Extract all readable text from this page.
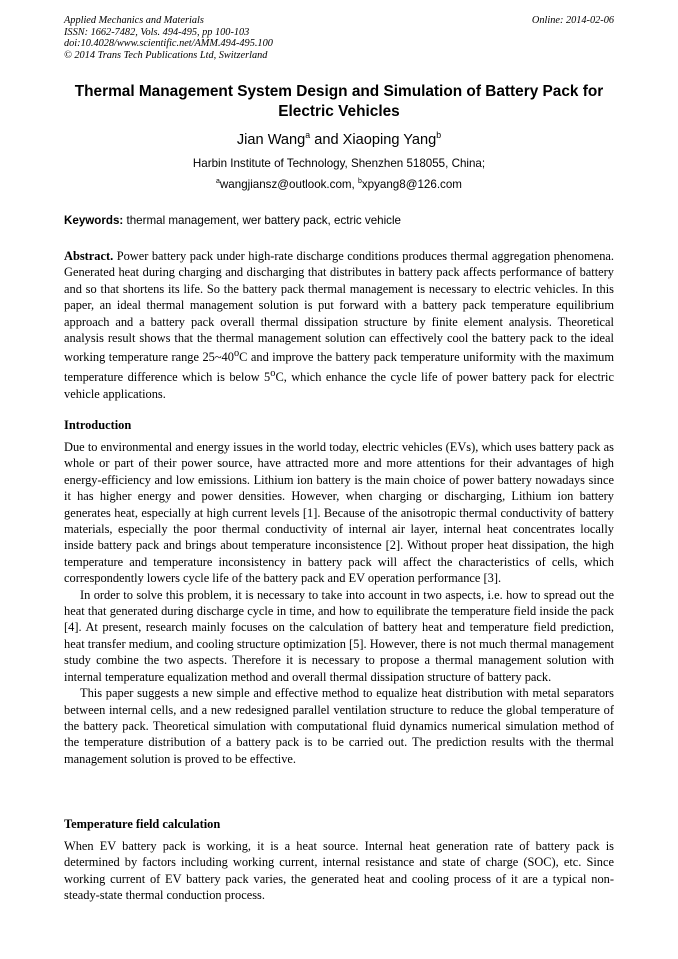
Applied Mechanics and Materials
ISSN: 1662-7482, Vols. 494-495, pp 100-103
doi:10.4028/www.scientific.net/AMM.494-495.100
© 2014 Trans Tech Publications Ltd, Switzerland
Online: 2014-02-06
Thermal Management System Design and Simulation of Battery Pack for Electric Vehicles
Jian Wang$^a$ and Xiaoping Yang$^b$
Harbin Institute of Technology, Shenzhen 518055, China;
$^a$wangjiansz@outlook.com, $^b$xpyang8@126.com
Keywords: thermal management, wer battery pack, ectric vehicle

Abstract. Power battery pack under high-rate discharge conditions produces thermal aggregation phenomena. Generated heat during charging and discharging that distributes in battery pack affects performance of battery and so that shortens its life. So the battery pack thermal management is necessary to electric vehicles. In this paper, an ideal thermal management solution is put forward with a battery pack temperature equilibrium approach and a battery pack overall thermal dissipation structure by finite element analysis. Theoretical analysis result shows that the thermal management solution can effectively cool the battery pack to the ideal working temperature range 25~40$^o$C and improve the battery pack temperature uniformity with the maximum temperature difference which is below 5$^o$C, which enhance the cycle life of power battery pack for electric vehicle applications.

Introduction

Due to environmental and energy issues in the world today, electric vehicles (EVs), which uses battery pack as whole or part of their power source, have attracted more and more attentions for their advantages of high energy-efficiency and low emissions. Lithium ion battery is the main choice of power battery nowadays since it has higher energy and power densities. However, when charging or discharging, Lithium ion battery generates heat, especially at high current levels [1]. Because of the anisotropic thermal conductivity of battery materials, especially the poor thermal conductivity of internal air layer, internal heat concentrates locally inside battery pack and brings about temperature inconsistence [2]. Without proper heat dissipation, the high temperature and temperature inconsistency in battery pack will affect the characteristics of cells, which correspondently lowers cycle life of the battery pack and EV operation performance [3].

In order to solve this problem, it is necessary to take into account in two aspects, i.e. how to spread out the heat that generated during discharge cycle in time, and how to equilibrate the temperature field inside the pack [4]. At present, research mainly focuses on the calculation of battery heat and temperature field prediction, heat transfer medium, and cooling structure optimization [5]. However, there is not much thermal management study combine the two aspects. Therefore it is necessary to propose a thermal management solution with internal temperature equalization method and overall thermal dissipation structure of battery pack.

This paper suggests a new simple and effective method to equalize heat distribution with metal separators between internal cells, and a new redesigned parallel ventilation structure to reduce the global temperature of the battery pack. Theoretical simulation with computational fluid dynamics numerical simulation method of the temperature distribution of a battery pack is to be carried out. The prediction results with the thermal management solution is proved to be effective.

Temperature field calculation

When EV battery pack is working, it is a heat source. Internal heat generation rate of battery pack is determined by factors including working current, internal resistance and state of charge (SOC), etc. Since working current of EV battery pack varies, the generated heat and cooling process of it are a typical non-steady-state thermal conduction process.
